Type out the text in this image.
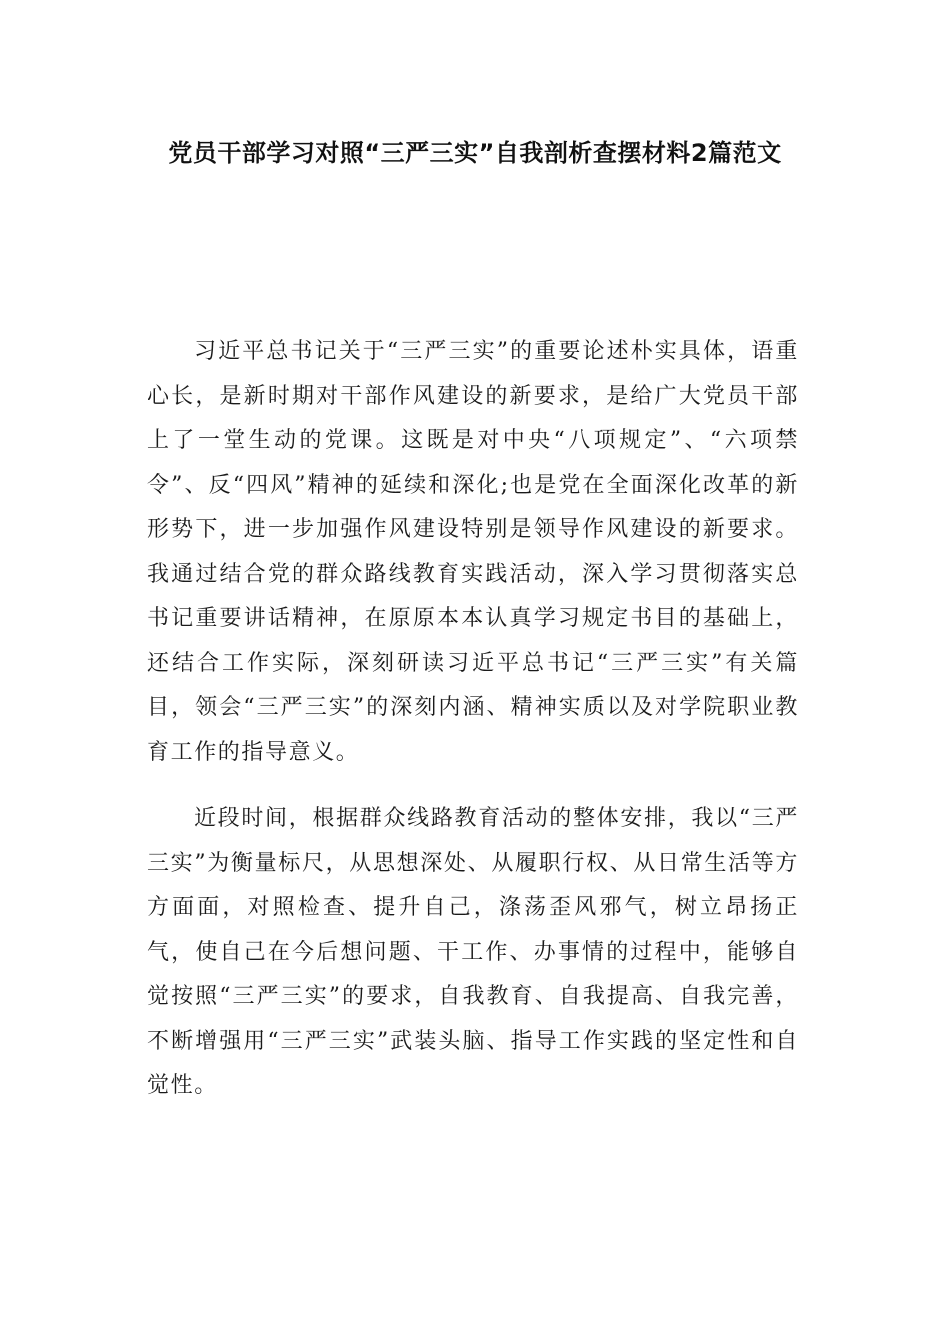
党员干部学习对照“三严三实”自我剖析查摆材料2篇范文

习近平总书记关于“三严三实”的重要论述朴实具体，语重心长，是新时期对干部作风建设的新要求，是给广大党员干部上了一堂生动的党课。这既是对中央“八项规定”、“六项禁令”、反“四风”精神的延续和深化;也是党在全面深化改革的新形势下，进一步加强作风建设特别是领导作风建设的新要求。我通过结合党的群众路线教育实践活动，深入学习贯彻落实总书记重要讲话精神，在原原本本认真学习规定书目的基础上，还结合工作实际，深刻研读习近平总书记“三严三实”有关篇目，领会“三严三实”的深刻内涵、精神实质以及对学院职业教育工作的指导意义。

近段时间，根据群众线路教育活动的整体安排，我以“三严三实”为衡量标尺，从思想深处、从履职行权、从日常生活等方方面面，对照检查、提升自己，涤荡歪风邪气，树立昂扬正气，使自己在今后想问题、干工作、办事情的过程中，能够自觉按照“三严三实”的要求，自我教育、自我提高、自我完善，不断增强用“三严三实”武装头脑、指导工作实践的坚定性和自觉性。
